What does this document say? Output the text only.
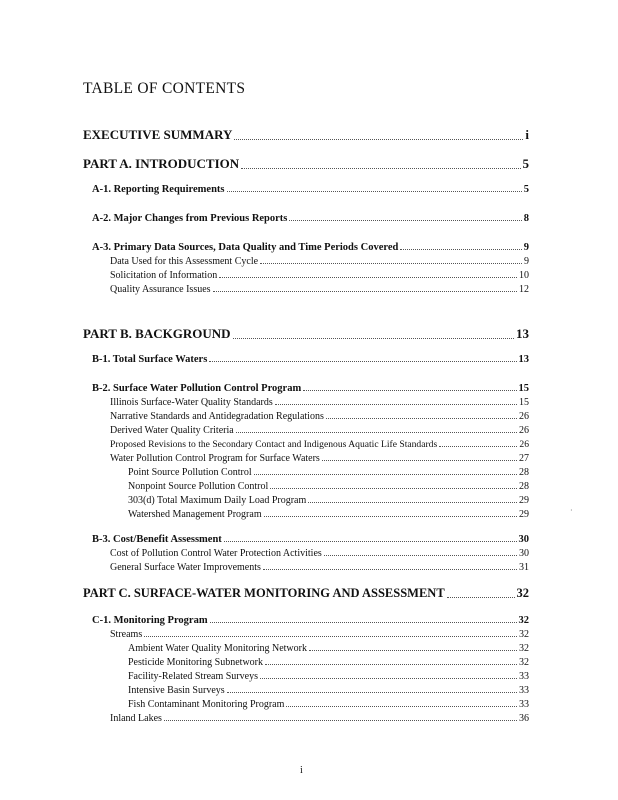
TABLE OF CONTENTS
EXECUTIVE SUMMARY	i
PART A. INTRODUCTION	5
A-1. Reporting Requirements	5
A-2. Major Changes from Previous Reports	8
A-3. Primary Data Sources, Data Quality and Time Periods Covered	9
Data Used for this Assessment Cycle	9
Solicitation of Information	10
Quality Assurance Issues	12
PART B. BACKGROUND	13
B-1. Total Surface Waters	13
B-2. Surface Water Pollution Control Program	15
Illinois Surface-Water Quality Standards	15
Narrative Standards and Antidegradation Regulations	26
Derived Water Quality Criteria	26
Proposed Revisions to the Secondary Contact and Indigenous Aquatic Life Standards	26
Water Pollution Control Program for Surface Waters	27
Point Source Pollution Control	28
Nonpoint Source Pollution Control	28
303(d) Total Maximum Daily Load Program	29
Watershed Management Program	29
B-3. Cost/Benefit Assessment	30
Cost of Pollution Control Water Protection Activities	30
General Surface Water Improvements	31
PART C. SURFACE-WATER MONITORING AND ASSESSMENT	32
C-1. Monitoring Program	32
Streams	32
Ambient Water Quality Monitoring Network	32
Pesticide Monitoring Subnetwork	32
Facility-Related Stream Surveys	33
Intensive Basin Surveys	33
Fish Contaminant Monitoring Program	33
Inland Lakes	36
·
i
